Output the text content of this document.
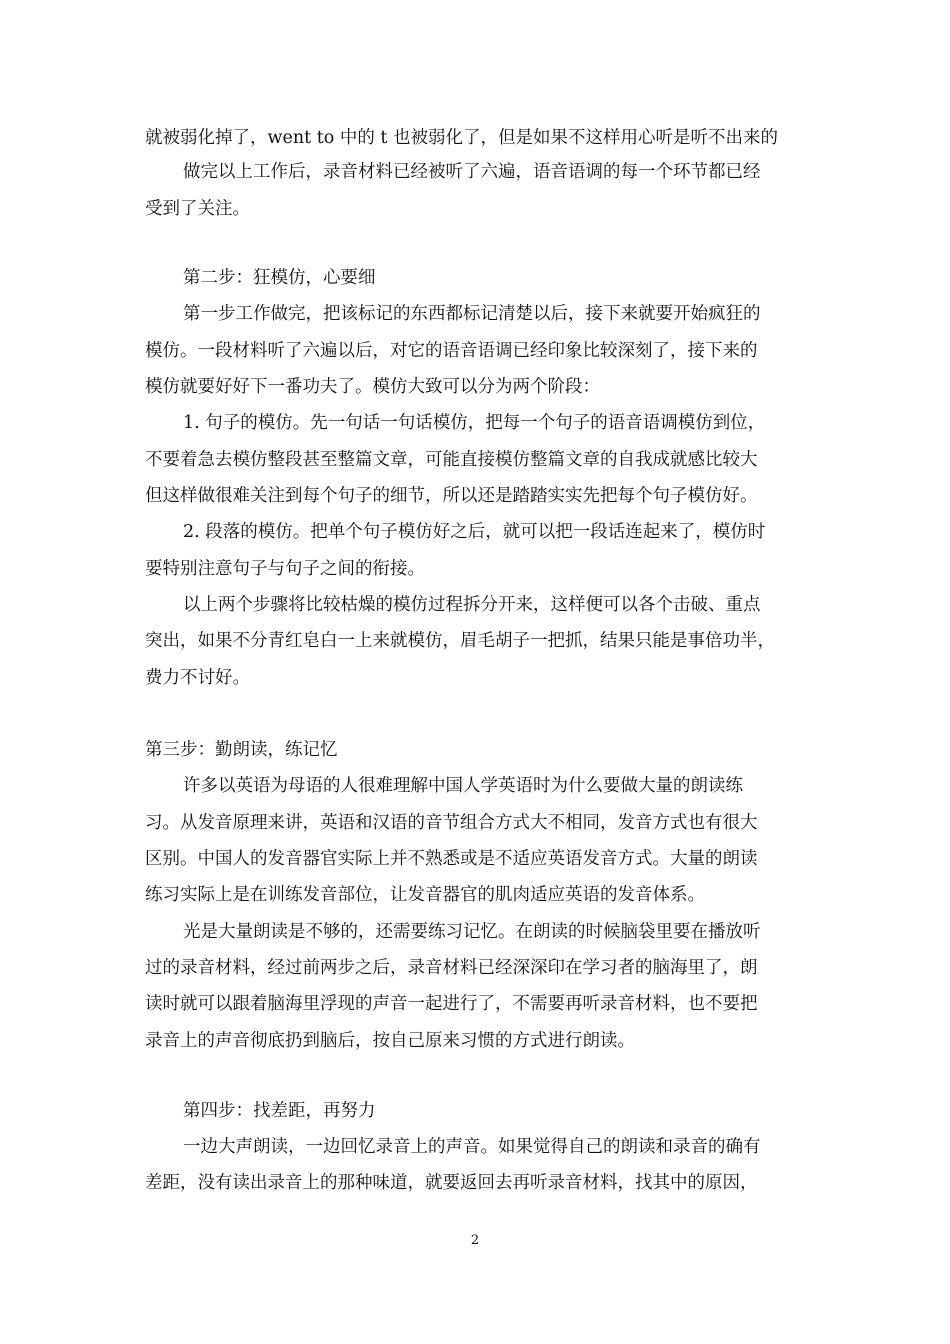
就被弱化掉了，went to 中的 t 也被弱化了，但是如果不这样用心听是听不出来的
做完以上工作后，录音材料已经被听了六遍，语音语调的每一个环节都已经
受到了关注。
第二步：狂模仿，心要细
第一步工作做完，把该标记的东西都标记清楚以后，接下来就要开始疯狂的
模仿。一段材料听了六遍以后，对它的语音语调已经印象比较深刻了，接下来的
模仿就要好好下一番功夫了。模仿大致可以分为两个阶段：
1. 句子的模仿。先一句话一句话模仿，把每一个句子的语音语调模仿到位，
不要着急去模仿整段甚至整篇文章，可能直接模仿整篇文章的自我成就感比较大
但这样做很难关注到每个句子的细节，所以还是踏踏实实先把每个句子模仿好。
2. 段落的模仿。把单个句子模仿好之后，就可以把一段话连起来了，模仿时
要特别注意句子与句子之间的衔接。
以上两个步骤将比较枯燥的模仿过程拆分开来，这样便可以各个击破、重点
突出，如果不分青红皂白一上来就模仿，眉毛胡子一把抓，结果只能是事倍功半，
费力不讨好。
第三步：勤朗读，练记忆
许多以英语为母语的人很难理解中国人学英语时为什么要做大量的朗读练
习。从发音原理来讲，英语和汉语的音节组合方式大不相同，发音方式也有很大
区别。中国人的发音器官实际上并不熟悉或是不适应英语发音方式。大量的朗读
练习实际上是在训练发音部位，让发音器官的肌肉适应英语的发音体系。
光是大量朗读是不够的，还需要练习记忆。在朗读的时候脑袋里要在播放听
过的录音材料，经过前两步之后，录音材料已经深深印在学习者的脑海里了，朗
读时就可以跟着脑海里浮现的声音一起进行了，不需要再听录音材料，也不要把
录音上的声音彻底扔到脑后，按自己原来习惯的方式进行朗读。
第四步：找差距，再努力
一边大声朗读，一边回忆录音上的声音。如果觉得自己的朗读和录音的确有
差距，没有读出录音上的那种味道，就要返回去再听录音材料，找其中的原因，
2
